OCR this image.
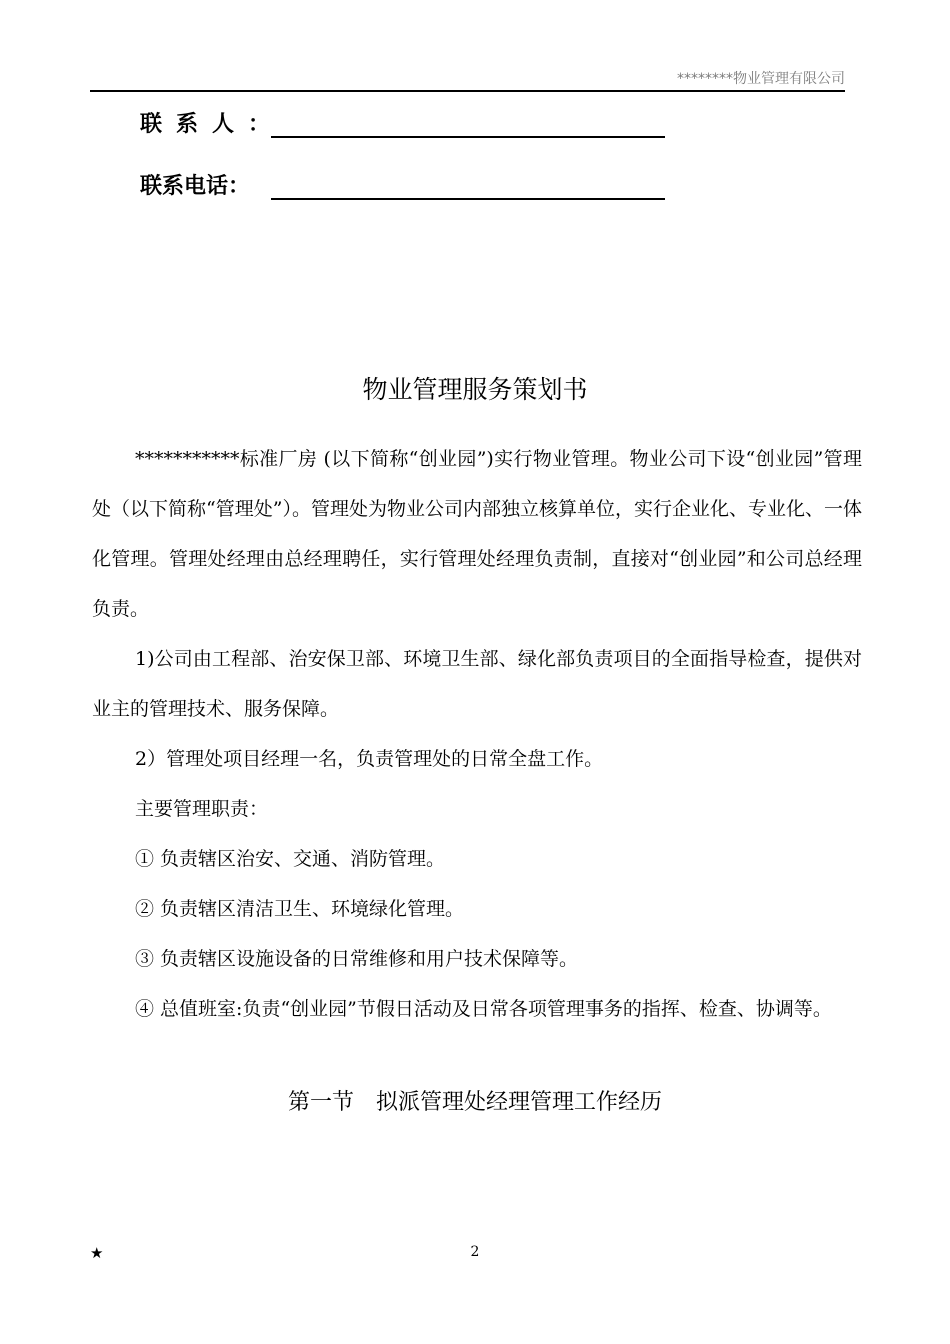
********物业管理有限公司
联系人：
联系电话：
物业管理服务策划书

***********标准厂房 (以下简称“创业园”)实行物业管理。物业公司下设“创业园”管理处（以下简称“管理处”）。管理处为物业公司内部独立核算单位，实行企业化、专业化、一体化管理。管理处经理由总经理聘任，实行管理处经理负责制，直接对“创业园”和公司总经理负责。

1)公司由工程部、治安保卫部、环境卫生部、绿化部负责项目的全面指导检查，提供对业主的管理技术、服务保障。

2）管理处项目经理一名，负责管理处的日常全盘工作。

主要管理职责：

① 负责辖区治安、交通、消防管理。

② 负责辖区清洁卫生、环境绿化管理。

③ 负责辖区设施设备的日常维修和用户技术保障等。

④ 总值班室:负责“创业园”节假日活动及日常各项管理事务的指挥、检查、协调等。

第一节　拟派管理处经理管理工作经历
★	2
